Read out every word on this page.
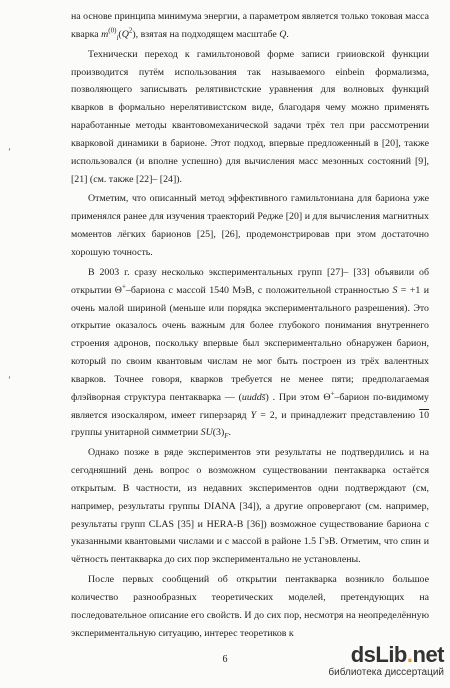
на основе принципа минимума энергии, а параметром является только токовая масса кварка $m^{(0)}_i(Q^2)$, взятая на подходящем масштабе Q.

Технически переход к гамильтоновой форме записи грииовской функции производится путём использования так называемого einbein формализма, позволяющего записывать релятивистские уравнения для волновых функций кварков в формально нерелятивистском виде, благодаря чему можно применять наработанные методы квантовомеханической задачи трёх тел при рассмотрении кварковой динамики в барионе. Этот подход, впервые предложенный в [20], также использовался (и вполне успешно) для вычисления масс мезонных состояний [9], [21] (см. также [22]– [24]).

Отметим, что описанный метод эффективного гамильтониана для бариона уже применялся ранее для изучения траекторий Редже [20] и для вычисления магнитных моментов лёгких барионов [25], [26], продемонстрировав при этом достаточно хорошую точность.

В 2003 г. сразу несколько экспериментальных групп [27]– [33] объявили об открытии Θ+–бариона с массой 1540 МэВ, с положительной странностью S = +1 и очень малой шириной (меньше или порядка экспериментального разрешения). Это открытие оказалось очень важным для более глубокого понимания внутреннего строения адронов, поскольку впервые был экспериментально обнаружен барион, который по своим квантовым числам не мог быть построен из трёх валентных кварков. Точнее говоря, кварков требуется не менее пяти; предполагаемая флэйворная структура пентакварка — (uudds̄) . При этом Θ+–барион по-видимому является изоскаляром, имеет гиперзаряд Y = 2, и принадлежит представлению 10 группы унитарной симметрии $SU(3)_F$.

Однако позже в ряде экспериментов эти результаты не подтвердились и на сегодняшний день вопрос о возможном существовании пентакварка остаётся открытым. В частности, из недавних экспериментов одни подтверждают (см, например, результаты группы DIANA [34]), а другие опровергают (см. например, результаты групп CLAS [35] и HERA-B [36]) возможное существование бариона с указанными квантовыми числами и с массой в районе 1.5 ГэВ. Отметим, что спин и чётность пентакварка до сих пор экспериментально не установлены.

После первых сообщений об открытии пентакварка возникло большое количество разнообразных теоретических моделей, претендующих на последовательное описание его свойств. И до сих пор, несмотря на неопределённую экспериментальную ситуацию, интерес теоретиков к

ʼ
ʼ
6	dsLib.net
библиотека диссертаций
